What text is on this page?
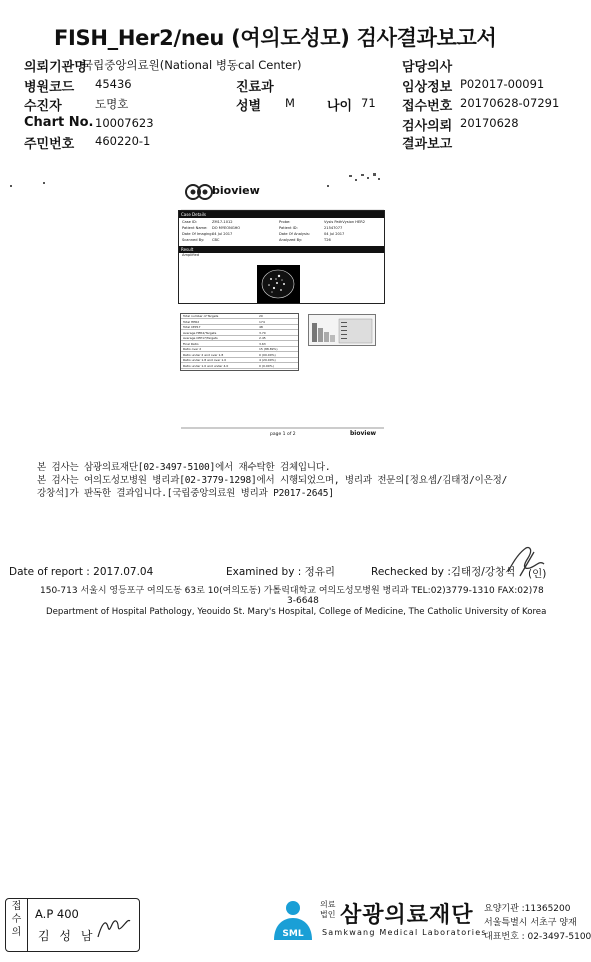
FISH_Her2/neu (여의도성모) 검사결과보고서
의뢰기관명
국립중앙의료원(National 병동cal Center)	담당의사
병원코드 45436	진료과	임상정보 P02017-00091
수진자	도명호	성별 M 나이 71 접수번호 20170628-07291
Chart No. 10007623	검사의뢰 20170628
주민번호 460220-1	결과보고
bioview
Case Details
Case ID:	ZM17-1012	Probe:	Vysis PathVysion HER2
Patient Name: DO MYEONGHO	Patient ID:	21547077
Date Of Imaging: 04 Jul 2017	Date Of Analysis:	04 Jul 2017
Scanned By: CBC	Analyzed By:	T26
Result
Amplified
Total number of Targets	20
Total HER2	174
Total CEP17	48
Average HER2/Targets	3.70
Average CEP17/Targets	2.45
Final Ratio	3.63
Ratio over 2	15 (88.89%)
Ratio under 2 and over 1.8	0 (00.00%)
Ratio under 1.8 and over 1.0	4 (20.00%)
Ratio under 1.0 and under 4.0	0 (0.00%)
page 1 of 2	bioview
본 검사는 삼광의료재단[02-3497-5100]에서 재수탁한 검체입니다.
본 검사는 여의도성모병원 병리과[02-3779-1298]에서 시행되었으며, 병리과 전문의[정요셉/김태정/이은정/
강창석]가 판독한 결과입니다.[국립중앙의료원 병리과 P2017-2645]
Date of report : 2017.07.04	Examined by : 정유리	Rechecked by :김태정/강창석 (인)
150-713 서울시 영등포구 여의도동 63로 10(여의도동) 가톨릭대학교 여의도성모병원 병리과 TEL:02)3779-1310 FAX:02)78
3-6648
Department of Hospital Pathology, Yeouido St. Mary's Hospital, College of Medicine, The Catholic University of Korea
접 수 의
A.P 400
김 성 남	SML
의료
법인 삼광의료재단
Samkwang Medical Laboratories
요양기관 :11365200
서울특별시 서초구 양재
대표번호 : 02-3497-5100
